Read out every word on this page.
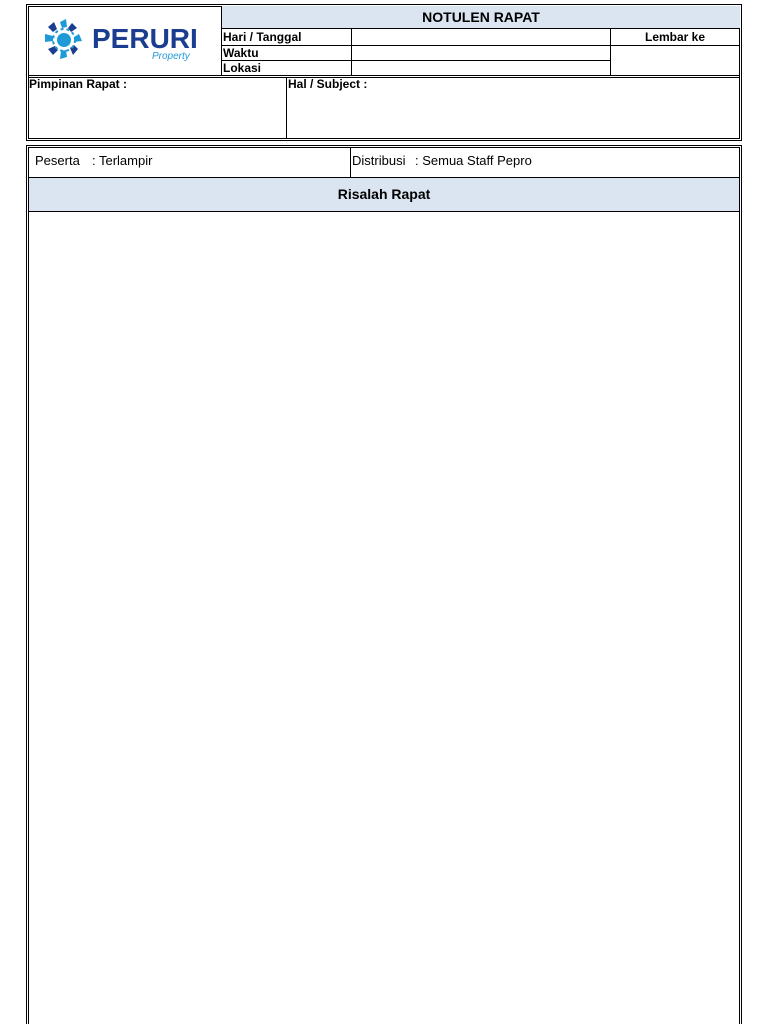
PERURI
Property
NOTULEN RAPAT
Hari / Tanggal
Waktu
Lokasi
Lembar ke
Pimpinan Rapat :	Hal / Subject :
Peserta : Terlampir	Distribusi : Semua Staff Pepro
Risalah Rapat
